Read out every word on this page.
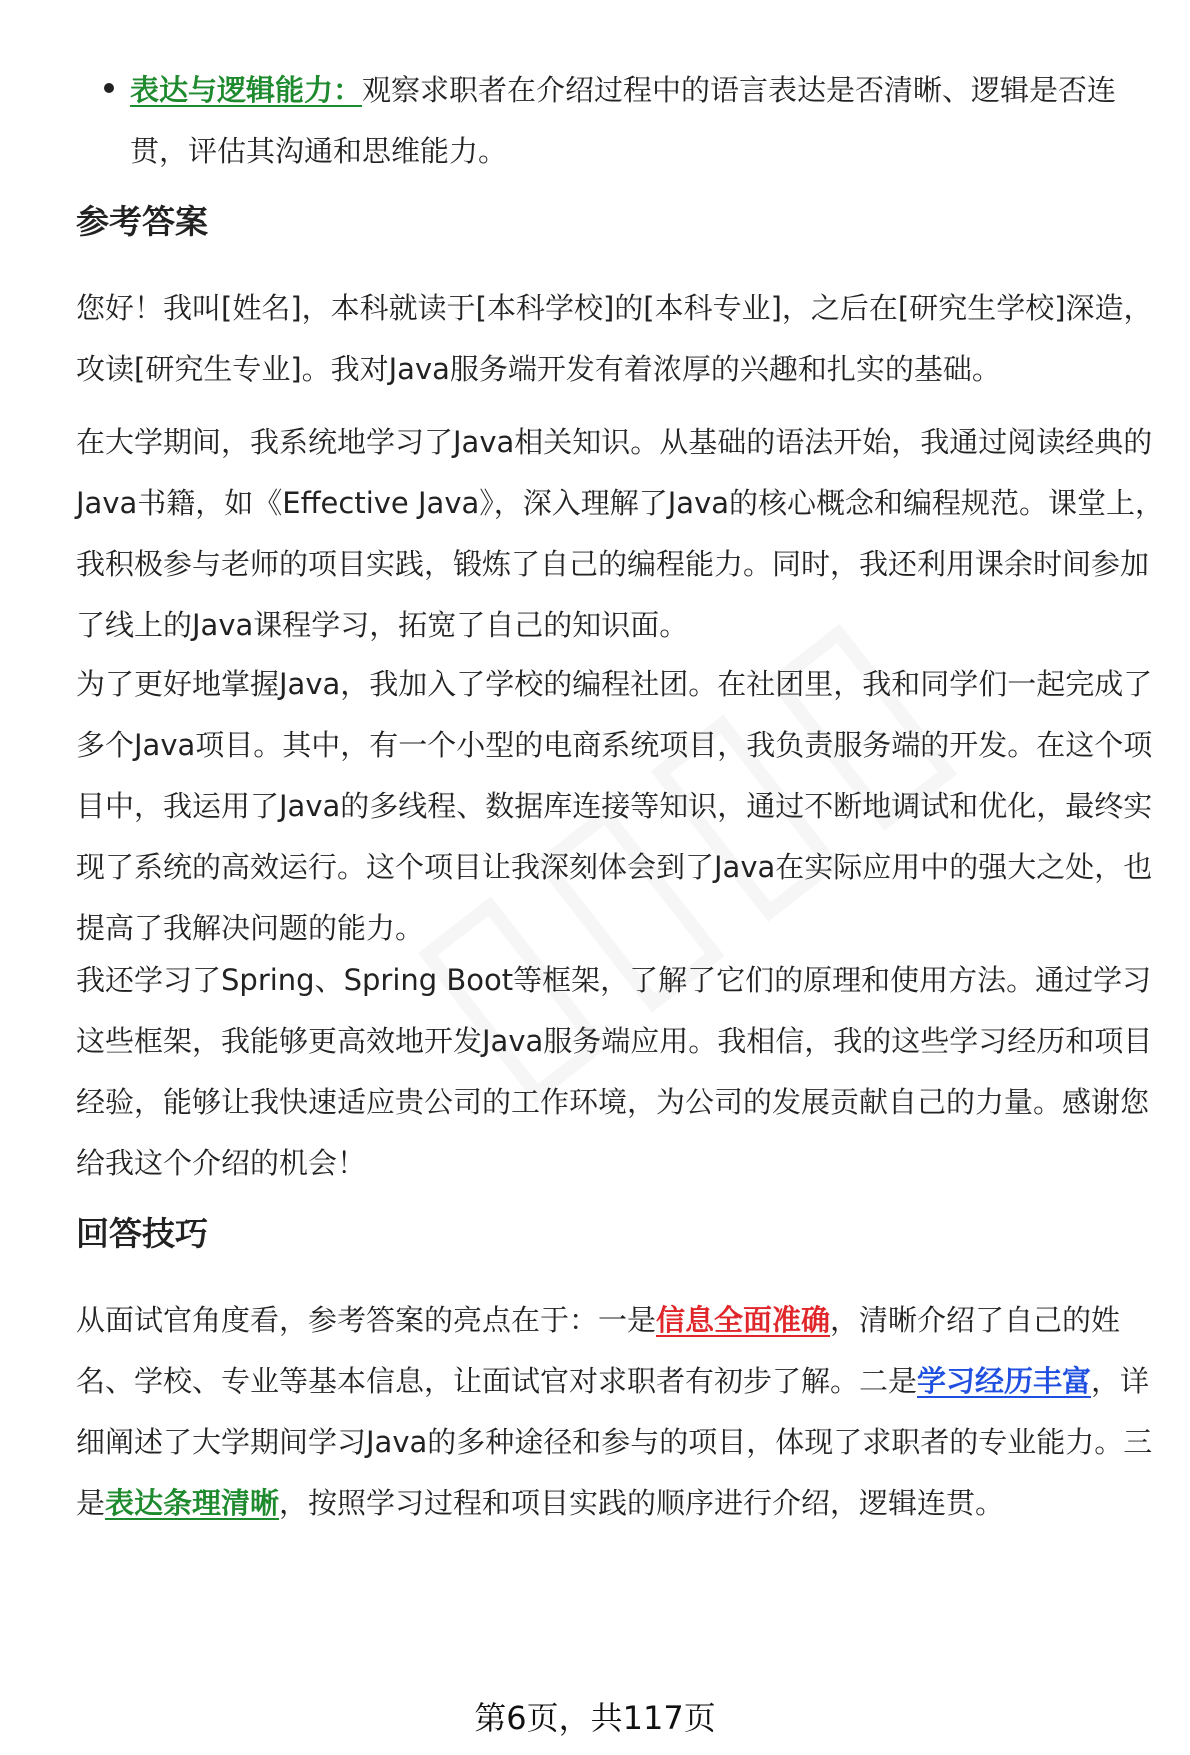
表达与逻辑能力：观察求职者在介绍过程中的语言表达是否清晰、逻辑是否连贯，评估其沟通和思维能力。
参考答案
您好！我叫[姓名]，本科就读于[本科学校]的[本科专业]，之后在[研究生学校]深造，攻读[研究生专业]。我对Java服务端开发有着浓厚的兴趣和扎实的基础。
在大学期间，我系统地学习了Java相关知识。从基础的语法开始，我通过阅读经典的Java书籍，如《Effective Java》，深入理解了Java的核心概念和编程规范。课堂上，我积极参与老师的项目实践，锻炼了自己的编程能力。同时，我还利用课余时间参加了线上的Java课程学习，拓宽了自己的知识面。
为了更好地掌握Java，我加入了学校的编程社团。在社团里，我和同学们一起完成了多个Java项目。其中，有一个小型的电商系统项目，我负责服务端的开发。在这个项目中，我运用了Java的多线程、数据库连接等知识，通过不断地调试和优化，最终实现了系统的高效运行。这个项目让我深刻体会到了Java在实际应用中的强大之处，也提高了我解决问题的能力。
我还学习了Spring、Spring Boot等框架，了解了它们的原理和使用方法。通过学习这些框架，我能够更高效地开发Java服务端应用。我相信，我的这些学习经历和项目经验，能够让我快速适应贵公司的工作环境，为公司的发展贡献自己的力量。感谢您给我这个介绍的机会！
回答技巧
从面试官角度看，参考答案的亮点在于：一是信息全面准确，清晰介绍了自己的姓名、学校、专业等基本信息，让面试官对求职者有初步了解。二是学习经历丰富，详细阐述了大学期间学习Java的多种途径和参与的项目，体现了求职者的专业能力。三是表达条理清晰，按照学习过程和项目实践的顺序进行介绍，逻辑连贯。
第6页，共117页
